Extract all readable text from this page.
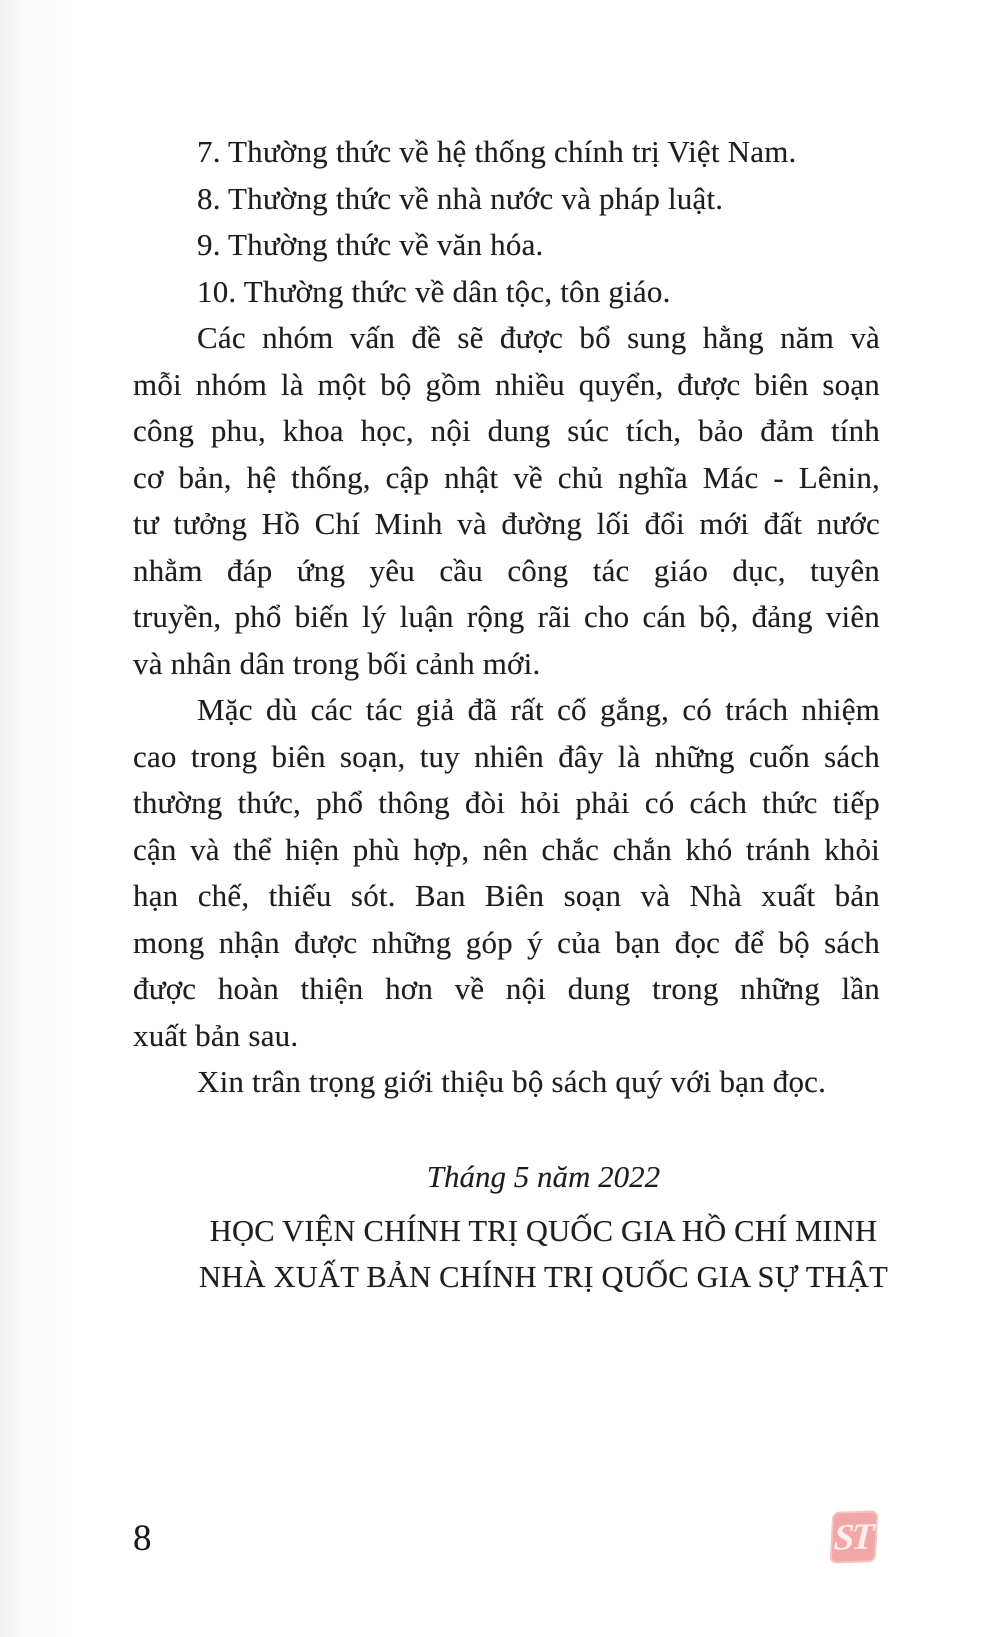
7. Thường thức về hệ thống chính trị Việt Nam.
8. Thường thức về nhà nước và pháp luật.
9. Thường thức về văn hóa.
10. Thường thức về dân tộc, tôn giáo.
Các nhóm vấn đề sẽ được bổ sung hằng năm và
mỗi nhóm là một bộ gồm nhiều quyển, được biên soạn
công phu, khoa học, nội dung súc tích, bảo đảm tính
cơ bản, hệ thống, cập nhật về chủ nghĩa Mác - Lênin,
tư tưởng Hồ Chí Minh và đường lối đổi mới đất nước
nhằm đáp ứng yêu cầu công tác giáo dục, tuyên
truyền, phổ biến lý luận rộng rãi cho cán bộ, đảng viên
và nhân dân trong bối cảnh mới.
Mặc dù các tác giả đã rất cố gắng, có trách nhiệm
cao trong biên soạn, tuy nhiên đây là những cuốn sách
thường thức, phổ thông đòi hỏi phải có cách thức tiếp
cận và thể hiện phù hợp, nên chắc chắn khó tránh khỏi
hạn chế, thiếu sót. Ban Biên soạn và Nhà xuất bản
mong nhận được những góp ý của bạn đọc để bộ sách
được hoàn thiện hơn về nội dung trong những lần
xuất bản sau.
Xin trân trọng giới thiệu bộ sách quý với bạn đọc.
Tháng 5 năm 2022
HỌC VIỆN CHÍNH TRỊ QUỐC GIA HỒ CHÍ MINH
NHÀ XUẤT BẢN CHÍNH TRỊ QUỐC GIA SỰ THẬT
8	ST
